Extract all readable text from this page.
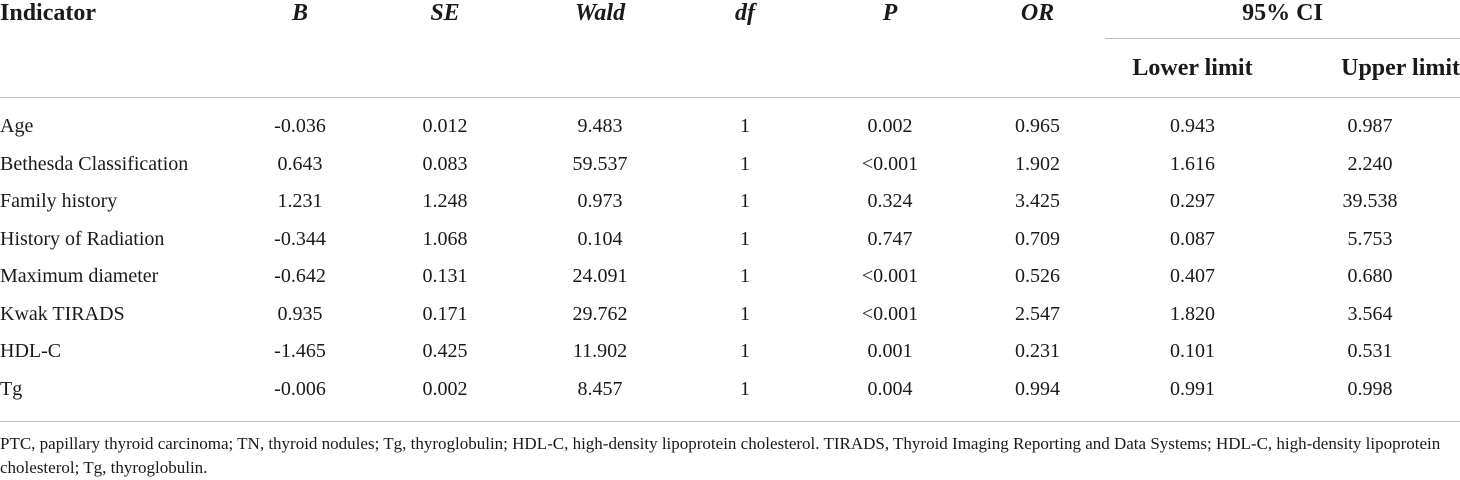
Indicator	B	SE	Wald	df	P	OR	95% CI	
							Lower limit	Upper limit

Age	-0.036	0.012	9.483	1	0.002	0.965	0.943	0.987
Bethesda Classification	0.643	0.083	59.537	1	<0.001	1.902	1.616	2.240
Family history	1.231	1.248	0.973	1	0.324	3.425	0.297	39.538
History of Radiation	-0.344	1.068	0.104	1	0.747	0.709	0.087	5.753
Maximum diameter	-0.642	0.131	24.091	1	<0.001	0.526	0.407	0.680
Kwak TIRADS	0.935	0.171	29.762	1	<0.001	2.547	1.820	3.564
HDL-C	-1.465	0.425	11.902	1	0.001	0.231	0.101	0.531
Tg	-0.006	0.002	8.457	1	0.004	0.994	0.991	0.998
PTC, papillary thyroid carcinoma; TN, thyroid nodules; Tg, thyroglobulin; HDL-C, high-density lipoprotein cholesterol. TIRADS, Thyroid Imaging Reporting and Data Systems; HDL-C, high-density lipoprotein cholesterol; Tg, thyroglobulin.
